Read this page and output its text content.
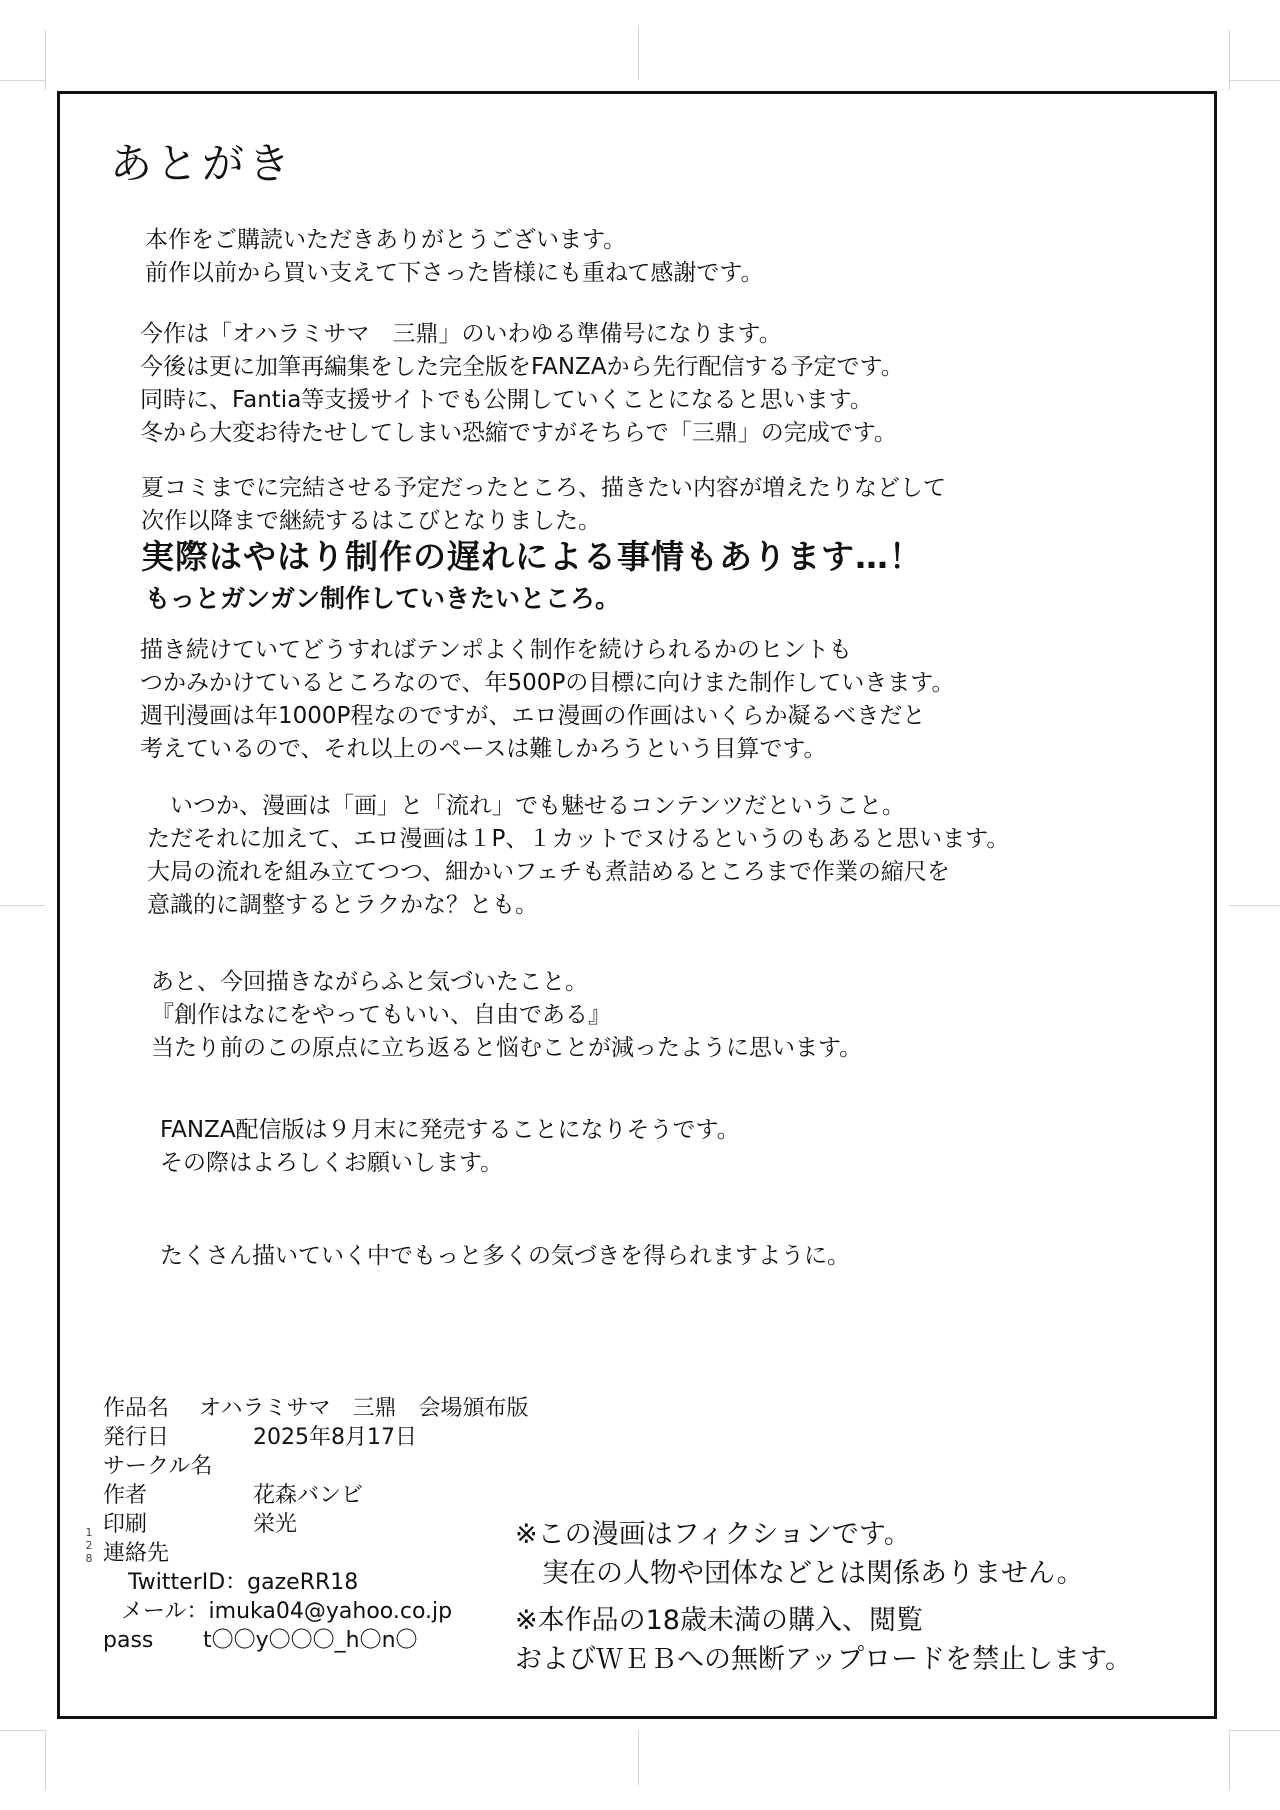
あとがき
本作をご購読いただきありがとうございます。
前作以前から買い支えて下さった皆様にも重ねて感謝です。
今作は「オハラミサマ　三鼎」のいわゆる準備号になります。
今後は更に加筆再編集をした完全版をFANZAから先行配信する予定です。
同時に、Fantia等支援サイトでも公開していくことになると思います。
冬から大変お待たせしてしまい恐縮ですがそちらで「三鼎」の完成です。
夏コミまでに完結させる予定だったところ、描きたい内容が増えたりなどして
次作以降まで継続するはこびとなりました。
実際はやはり制作の遅れによる事情もあります…！
もっとガンガン制作していきたいところ。
描き続けていてどうすればテンポよく制作を続けられるかのヒントも
つかみかけているところなので、年500Pの目標に向けまた制作していきます。
週刊漫画は年1000P程なのですが、エロ漫画の作画はいくらか凝るべきだと
考えているので、それ以上のペースは難しかろうという目算です。
　いつか、漫画は「画」と「流れ」でも魅せるコンテンツだということ。
ただそれに加えて、エロ漫画は１P、１カットでヌけるというのもあると思います。
大局の流れを組み立てつつ、細かいフェチも煮詰めるところまで作業の縮尺を
意識的に調整するとラクかな？とも。
あと、今回描きながらふと気づいたこと。
『創作はなにをやってもいい、自由である』
当たり前のこの原点に立ち返ると悩むことが減ったように思います。
FANZA配信版は９月末に発売することになりそうです。
その際はよろしくお願いします。
たくさん描いていく中でもっと多くの気づきを得られますように。
作品名 オハラミサマ　三鼎　会場頒布版
発行日	2025年8月17日
サークル名
作者	花森バンビ
印刷	栄光
連絡先
TwitterID：gazeRR18
メール：imuka04@yahoo.co.jp
pass t〇〇y〇〇〇_h〇n〇
1
2
8
※この漫画はフィクションです。
　実在の人物や団体などとは関係ありません。
※本作品の18歳未満の購入、閲覧
およびＷＥＢへの無断アップロードを禁止します。
